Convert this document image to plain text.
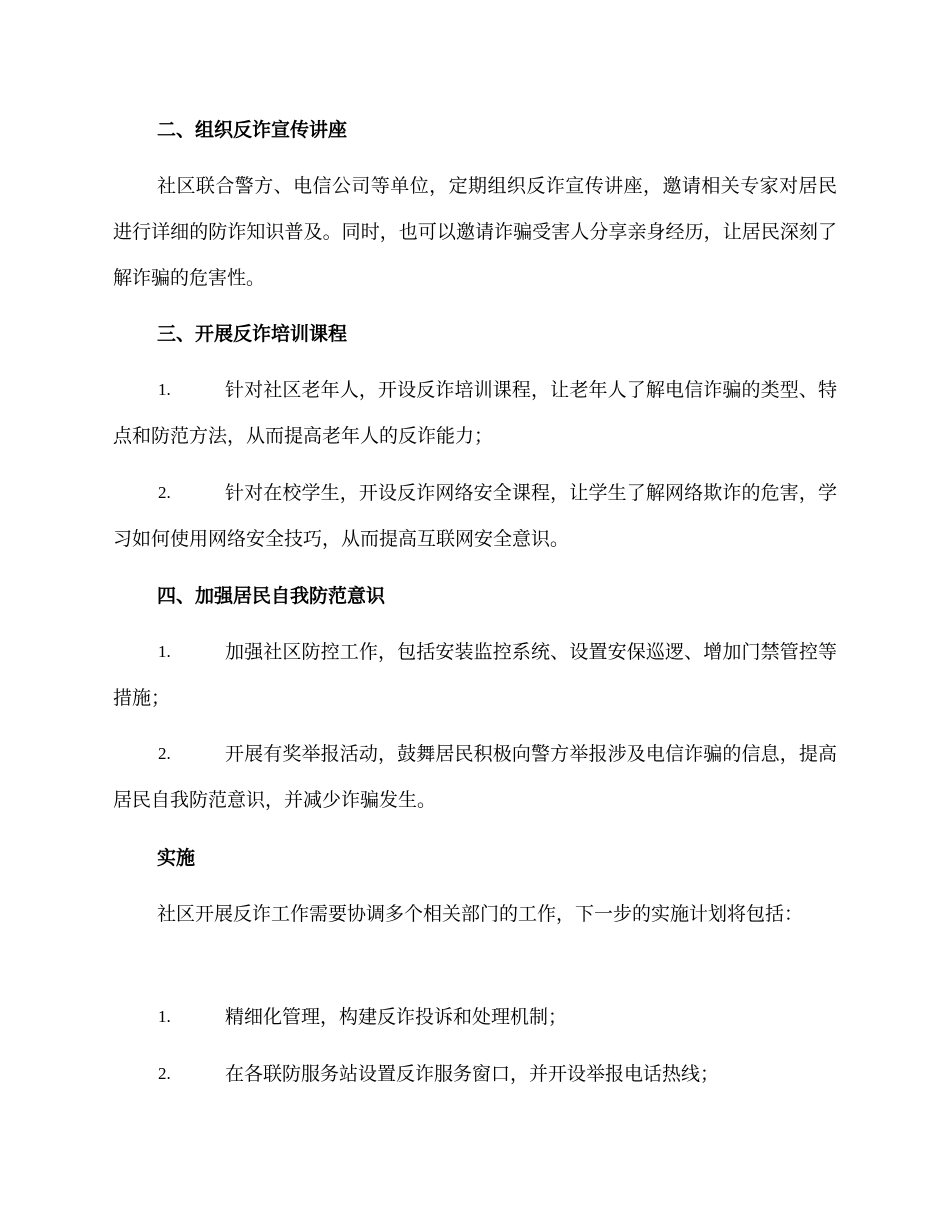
二、组织反诈宣传讲座
社区联合警方、电信公司等单位，定期组织反诈宣传讲座，邀请相关专家对居民进行详细的防诈知识普及。同时，也可以邀请诈骗受害人分享亲身经历，让居民深刻了解诈骗的危害性。
三、开展反诈培训课程
1.	针对社区老年人，开设反诈培训课程，让老年人了解电信诈骗的类型、特点和防范方法，从而提高老年人的反诈能力；
2.	针对在校学生，开设反诈网络安全课程，让学生了解网络欺诈的危害，学习如何使用网络安全技巧，从而提高互联网安全意识。
四、加强居民自我防范意识
1.	加强社区防控工作，包括安装监控系统、设置安保巡逻、增加门禁管控等措施；
2.	开展有奖举报活动，鼓舞居民积极向警方举报涉及电信诈骗的信息，提高居民自我防范意识，并减少诈骗发生。
实施
社区开展反诈工作需要协调多个相关部门的工作，下一步的实施计划将包括：
1.	精细化管理，构建反诈投诉和处理机制；
2.	在各联防服务站设置反诈服务窗口，并开设举报电话热线；
